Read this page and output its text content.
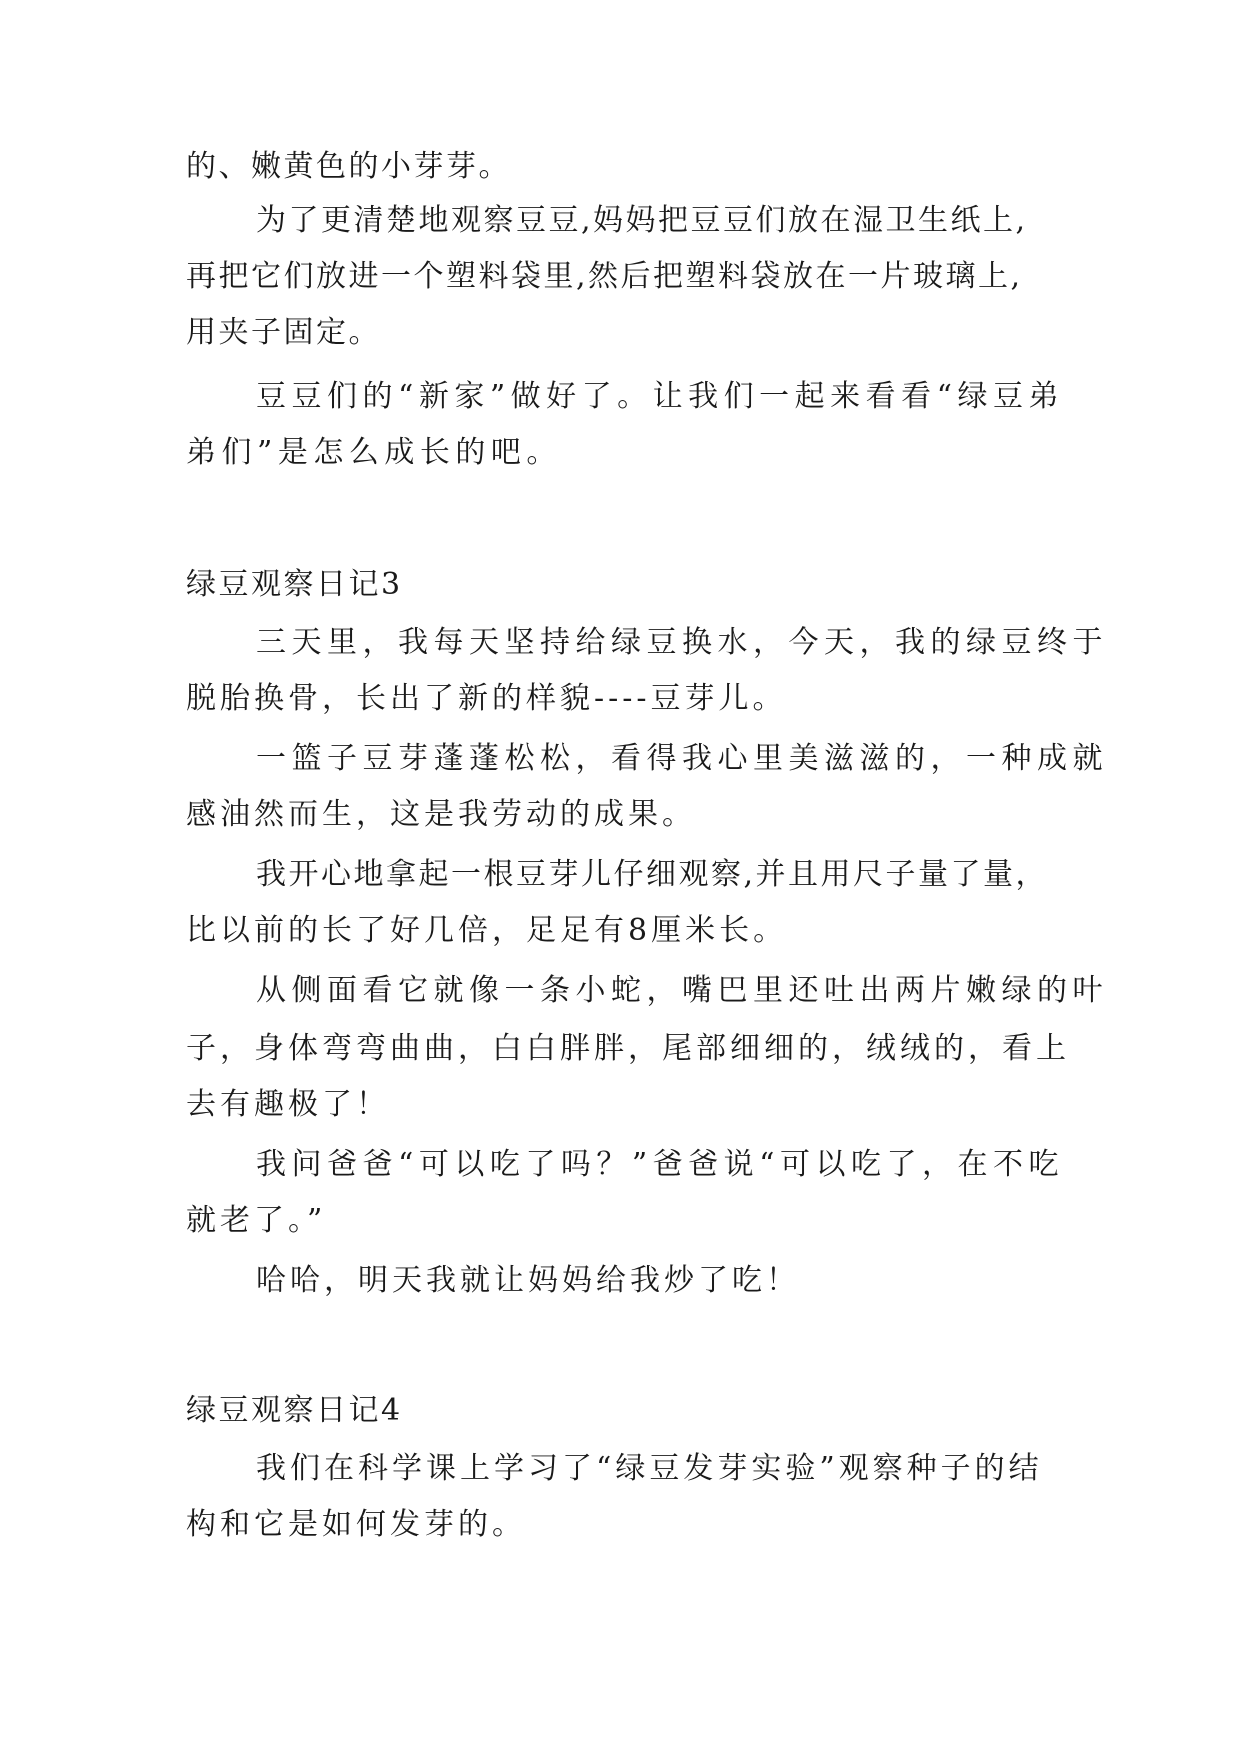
的、嫩黄色的小芽芽。

为了更清楚地观察豆豆,妈妈把豆豆们放在湿卫生纸上,

再把它们放进一个塑料袋里,然后把塑料袋放在一片玻璃上,

用夹子固定。

豆豆们的“新家”做好了。让我们一起来看看“绿豆弟

弟们”是怎么成长的吧。

绿豆观察日记3

三天里，我每天坚持给绿豆换水，今天，我的绿豆终于

脱胎换骨，长出了新的样貌----豆芽儿。

一篮子豆芽蓬蓬松松，看得我心里美滋滋的，一种成就

感油然而生，这是我劳动的成果。

我开心地拿起一根豆芽儿仔细观察,并且用尺子量了量，

比以前的长了好几倍，足足有8厘米长。

从侧面看它就像一条小蛇，嘴巴里还吐出两片嫩绿的叶

子，身体弯弯曲曲，白白胖胖，尾部细细的，绒绒的，看上

去有趣极了！

我问爸爸“可以吃了吗？”爸爸说“可以吃了，在不吃

就老了。”

哈哈，明天我就让妈妈给我炒了吃！

绿豆观察日记4

我们在科学课上学习了“绿豆发芽实验”观察种子的结

构和它是如何发芽的。
